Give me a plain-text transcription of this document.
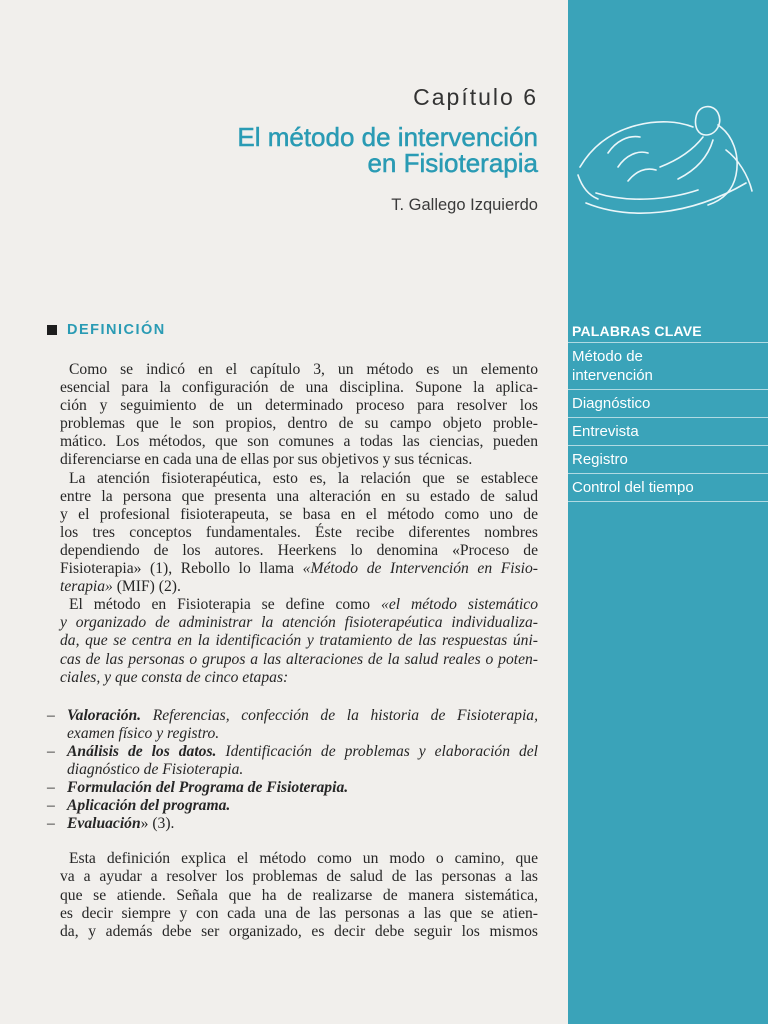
PALABRAS CLAVE
Método de intervención
Diagnóstico
Entrevista
Registro
Control del tiempo
Capítulo 6
El método de intervención
en Fisioterapia
T. Gallego Izquierdo
DEFINICIÓN
Como se indicó en el capítulo 3, un método es un elemento
esencial para la configuración de una disciplina. Supone la aplica-
ción y seguimiento de un determinado proceso para resolver los
problemas que le son propios, dentro de su campo objeto proble-
mático. Los métodos, que son comunes a todas las ciencias, pueden
diferenciarse en cada una de ellas por sus objetivos y sus técnicas.
La atención fisioterapéutica, esto es, la relación que se establece
entre la persona que presenta una alteración en su estado de salud
y el profesional fisioterapeuta, se basa en el método como uno de
los tres conceptos fundamentales. Éste recibe diferentes nombres
dependiendo de los autores. Heerkens lo denomina «Proceso de
Fisioterapia» (1), Rebollo lo llama «Método de Intervención en Fisio-
terapia» (MIF) (2).
El método en Fisioterapia se define como «el método sistemático
y organizado de administrar la atención fisioterapéutica individualiza-
da, que se centra en la identificación y tratamiento de las respuestas úni-
cas de las personas o grupos a las alteraciones de la salud reales o poten-
ciales, y que consta de cinco etapas:
– Valoración. Referencias, confección de la historia de Fisioterapia,
examen físico y registro.
– Análisis de los datos. Identificación de problemas y elaboración del
diagnóstico de Fisioterapia.
– Formulación del Programa de Fisioterapia.
– Aplicación del programa.
– Evaluación» (3).
Esta definición explica el método como un modo o camino, que
va a ayudar a resolver los problemas de salud de las personas a las
que se atiende. Señala que ha de realizarse de manera sistemática,
es decir siempre y con cada una de las personas a las que se atien-
da, y además debe ser organizado, es decir debe seguir los mismos
